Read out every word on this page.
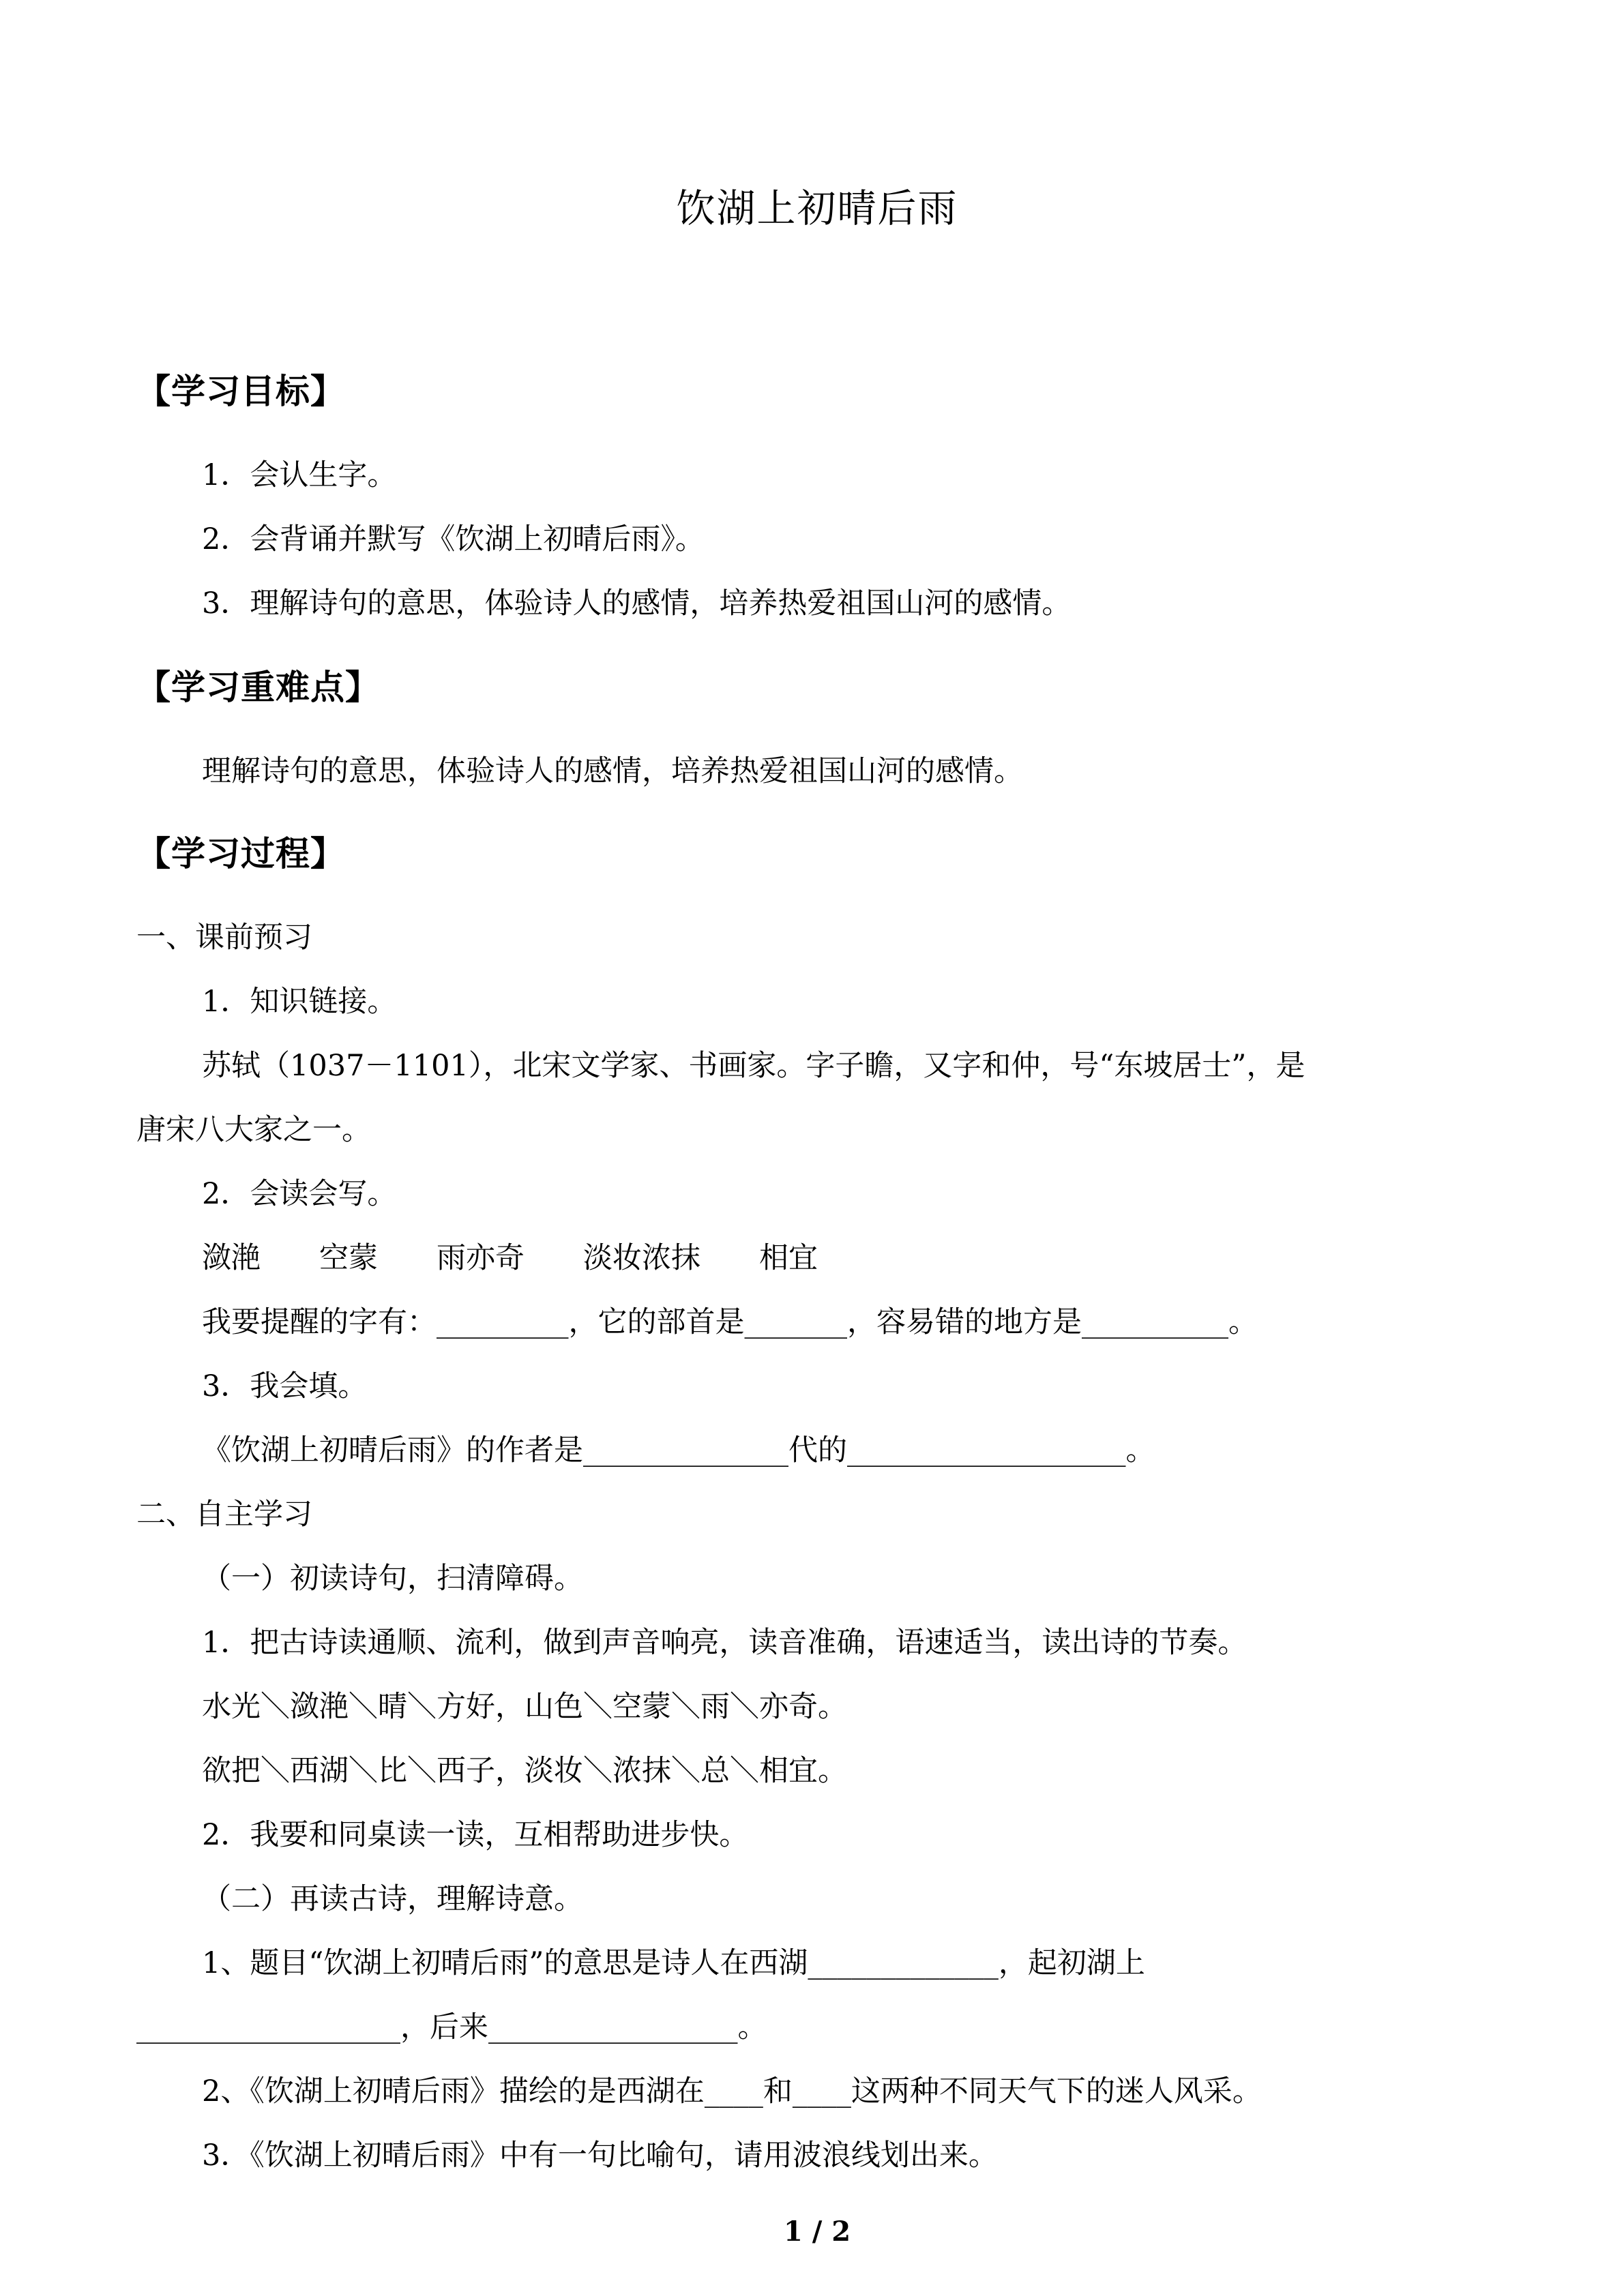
饮湖上初晴后雨
【学习目标】

1．会认生字。

2．会背诵并默写《饮湖上初晴后雨》。

3．理解诗句的意思，体验诗人的感情，培养热爱祖国山河的感情。

【学习重难点】

理解诗句的意思，体验诗人的感情，培养热爱祖国山河的感情。

【学习过程】

一、课前预习

1．知识链接。

苏轼（1037－1101），北宋文学家、书画家。字子瞻，又字和仲，号“东坡居士”，是

唐宋八大家之一。

2．会读会写。

潋滟　　空蒙　　雨亦奇　　淡妆浓抹　　相宜

我要提醒的字有：_________，它的部首是_______，容易错的地方是__________。

3．我会填。

《饮湖上初晴后雨》的作者是______________代的___________________。

二、自主学习

（一）初读诗句，扫清障碍。

1．把古诗读通顺、流利，做到声音响亮，读音准确，语速适当，读出诗的节奏。

水光＼潋滟＼晴＼方好，山色＼空蒙＼雨＼亦奇。

欲把＼西湖＼比＼西子，淡妆＼浓抹＼总＼相宜。

2．我要和同桌读一读，互相帮助进步快。

（二）再读古诗，理解诗意。

1、题目“饮湖上初晴后雨”的意思是诗人在西湖_____________，起初湖上

__________________，后来_________________。

2、《饮湖上初晴后雨》描绘的是西湖在____和____这两种不同天气下的迷人风采。

3．《饮湖上初晴后雨》中有一句比喻句，请用波浪线划出来。

1 / 2
